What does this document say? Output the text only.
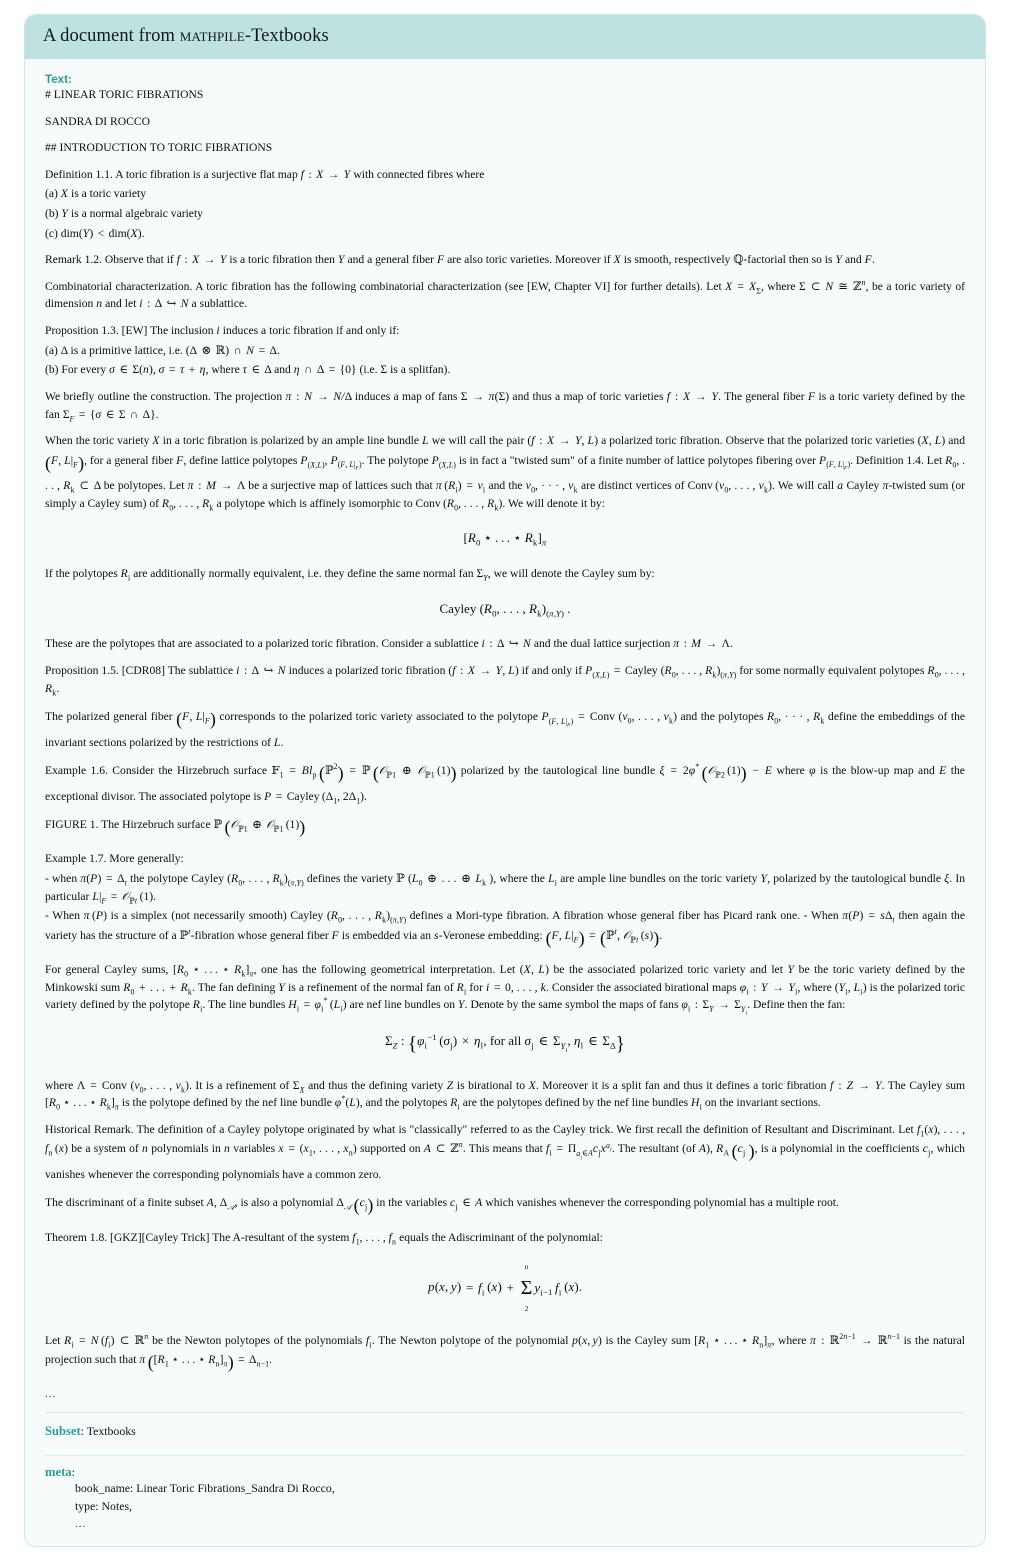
A document from mathpile-Textbooks
Text:

# LINEAR TORIC FIBRATIONS

SANDRA DI ROCCO

## INTRODUCTION TO TORIC FIBRATIONS

Definition 1.1. A toric fibration is a surjective flat map f : X → Y with connected fibres where

(a) X is a toric variety

(b) Y is a normal algebraic variety

(c) dim(Y) < dim(X).

Remark 1.2. Observe that if f : X → Y is a toric fibration then Y and a general fiber F are also toric varieties. Moreover if X is smooth, respectively ℚ-factorial then so is Y and F.

Combinatorial characterization. A toric fibration has the following combinatorial characterization (see [EW, Chapter VI] for further details). Let $X = X_\Sigma$, where Σ ⊂ N ≅ ℤ$^n$, be a toric variety of dimension n and let i : Δ ↪ N a sublattice.

Proposition 1.3. [EW] The inclusion i induces a toric fibration if and only if:

(a) Δ is a primitive lattice, i.e. (Δ ⊗ ℝ) ∩ N = Δ.

(b) For every σ ∈ Σ(n), σ = τ + η, where τ ∈ Δ and η ∩ Δ = {0} (i.e. Σ is a splitfan).

We briefly outline the construction. The projection π : N → N/Δ induces a map of fans Σ → π(Σ) and thus a map of toric varieties f : X → Y. The general fiber F is a toric variety defined by the fan $\Sigma_F = \{\sigma$ ∈ Σ ∩ Δ}.

When the toric variety X in a toric fibration is polarized by an ample line bundle L we will call the pair (f : X → Y, L) a polarized toric fibration. Observe that the polarized toric varieties (X, L) and (F, $L|_F$), for a general fiber F, define lattice polytopes $P_{(X,L)}$, $P_{(F, L|_F)}$. The polytope $P_{(X,L)}$ is in fact a "twisted sum" of a finite number of lattice polytopes fibering over $P_{(F, L|_F)}$. Definition 1.4. Let $R_0$, . . . , $R_k$ ⊂ Δ be polytopes. Let π : M → Λ be a surjective map of lattices such that π $(R_i) = v_i$ and the $v_0$, · · · , $v_k$ are distinct vertices of Conv ($v_0$, . . . , $v_k$). We will call a Cayley π-twisted sum (or simply a Cayley sum) of $R_0$, . . . , $R_k$ a polytope which is affinely isomorphic to Conv ($R_0$, . . . , $R_k$). We will denote it by:

[$R_0$ ⋆ . . . ⋆ $R_k]_\pi$

If the polytopes $R_i$ are additionally normally equivalent, i.e. they define the same normal fan $\Sigma_Y$, we will denote the Cayley sum by:

Cayley ($R_0$, . . . , $R_k)_{(\pi,Y)}$ .

These are the polytopes that are associated to a polarized toric fibration. Consider a sublattice i : Δ ↪ N and the dual lattice surjection π : M → Λ.

Proposition 1.5. [CDR08] The sublattice i : Δ ↪ N induces a polarized toric fibration (f : X → Y, L) if and only if $P_{(X,L)}$ = Cayley ($R_0$, . . . , $R_k)_{(\pi,Y)}$ for some normally equivalent polytopes $R_0$, . . . , $R_k$.

The polarized general fiber (F, $L|_F$) corresponds to the polarized toric variety associated to the polytope $P_{(F, L|_F)}$ = Conv ($v_0$, . . . , $v_k$) and the polytopes $R_0$, · · · , $R_k$ define the embeddings of the invariant sections polarized by the restrictions of L.

Example 1.6. Consider the Hirzebruch surface 𝔽$_1$ = $Bl_p$  (ℙ$^2$) = ℙ  (𝒪$_{ℙ1}$ ⊕ 𝒪$_{ℙ1}$ (1)) polarized by the tautological line bundle ξ = 2φ*  (𝒪$_{ℙ2}$ (1)) − E where φ is the blow-up map and E the exceptional divisor. The associated polytope is P = Cayley ($\Delta_1$, $2\Delta_1$).

FIGURE 1. The Hirzebruch surface ℙ  (𝒪$_{ℙ1}$ ⊕ 𝒪$_{ℙ1}$ (1))

Example 1.7. More generally:

- when $\pi(P) = \Delta_t$ the polytope Cayley ($R_0$, . . . , $R_k)_{(\pi,Y)}$ defines the variety ℙ ($L_0$ ⊕ . . . ⊕ $L_k$ ), where the $L_i$ are ample line bundles on the toric variety Y, polarized by the tautological bundle ξ. In particular $L|_F$ = 𝒪$_{ℙt}$ (1).

- When π (P) is a simplex (not necessarily smooth) Cayley ($R_0$, . . . , $R_k)_{(\pi,Y)}$ defines a Mori-type fibration. A fibration whose general fiber has Picard rank one. - When $\pi(P) = s\Delta_t$ then again the variety has the structure of a ℙ$^t$-fibration whose general fiber F is embedded via an s-Veronese embedding: (F, $L|_F$) = (ℙ$^t$, 𝒪$_{ℙt}$ (s)).

For general Cayley sums, [$R_0$ ⋆ . . . ⋆ $R_k]_\pi$, one has the following geometrical interpretation. Let (X, L) be the associated polarized toric variety and let Y be the toric variety defined by the Minkowski sum $R_0$ + . . . + $R_k$. The fan defining Y is a refinement of the normal fan of $R_i$ for i = 0, . . . , k. Consider the associated birational maps $\varphi_i$ : $Y \to Y_i$, where ($Y_i$, $L_i$) is the polarized toric variety defined by the polytope $R_i$. The line bundles $H_i = \varphi_i^*$ $(L_i)$ are nef line bundles on Y. Denote by the same symbol the maps of fans $\varphi_i$ : $\Sigma_Y \to \Sigma_{Y_i}$. Define then the fan:

$\Sigma_Z$ : {$\varphi_i^{-1}$ $(\sigma_j) \times \eta_l$, for all $\sigma_j$ ∈ $\Sigma_{Y_i}$, $\eta_l$ ∈ $\Sigma_\Delta$}

where Λ = Conv ($v_0$, . . . , $v_k$). It is a refinement of $\Sigma_X$ and thus the defining variety Z is birational to X. Moreover it is a split fan and thus it defines a toric fibration f : Z → Y. The Cayley sum [$R_0$ ⋆ . . . ⋆ $R_k]_\pi$ is the polytope defined by the nef line bundle φ*(L), and the polytopes $R_i$ are the polytopes defined by the nef line bundles $H_i$ on the invariant sections.

Historical Remark. The definition of a Cayley polytope originated by what is "classically" referred to as the Cayley trick. We first recall the definition of Resultant and Discriminant. Let $f_1(x)$, . . . , $f_n$ (x) be a system of n polynomials in n variables $x = (x_1$, . . . , $x_n$) supported on A ⊂ ℤ$^n$. This means that $f_i = \Pi_{a_j\in A}c_jx^{a_j}$. The resultant (of A), $R_A$  ($c_j$ ), is a polynomial in the coefficients $c_j$, which vanishes whenever the corresponding polynomials have a common zero.

The discriminant of a finite subset A, $\Delta_𝒜$, is also a polynomial $\Delta_𝒜$  $(c_j)$ in the variables $c_j$ ∈ A which vanishes whenever the corresponding polynomial has a multiple root.

Theorem 1.8. [GKZ][Cayley Trick] The A-resultant of the system $f_1$, . . . , $f_n$ equals the Adiscriminant of the polynomial:

p(x, $y) = f_i$ (x) +
n
Σ
2
$y_{i-1}$  $f_i$ (x).

Let $R_i = N$ $(f_i)$ ⊂ ℝ$^n$ be the Newton polytopes of the polynomials $f_i$. The Newton polytope of the polynomial p(x, y) is the Cayley sum [$R_1$ ⋆ . . . ⋆ $R_n]_\pi$, where π : ℝ$^{2n-1}$ → ℝ$^{n-1}$ is the natural projection such that π  ([$R_1$ ⋆ . . . ⋆ $R_n]_\pi) = \Delta_{n-1}$.

...

Subset: Textbooks
meta:
book_name: Linear Toric Fibrations_Sandra Di Rocco,
type: Notes,
...
